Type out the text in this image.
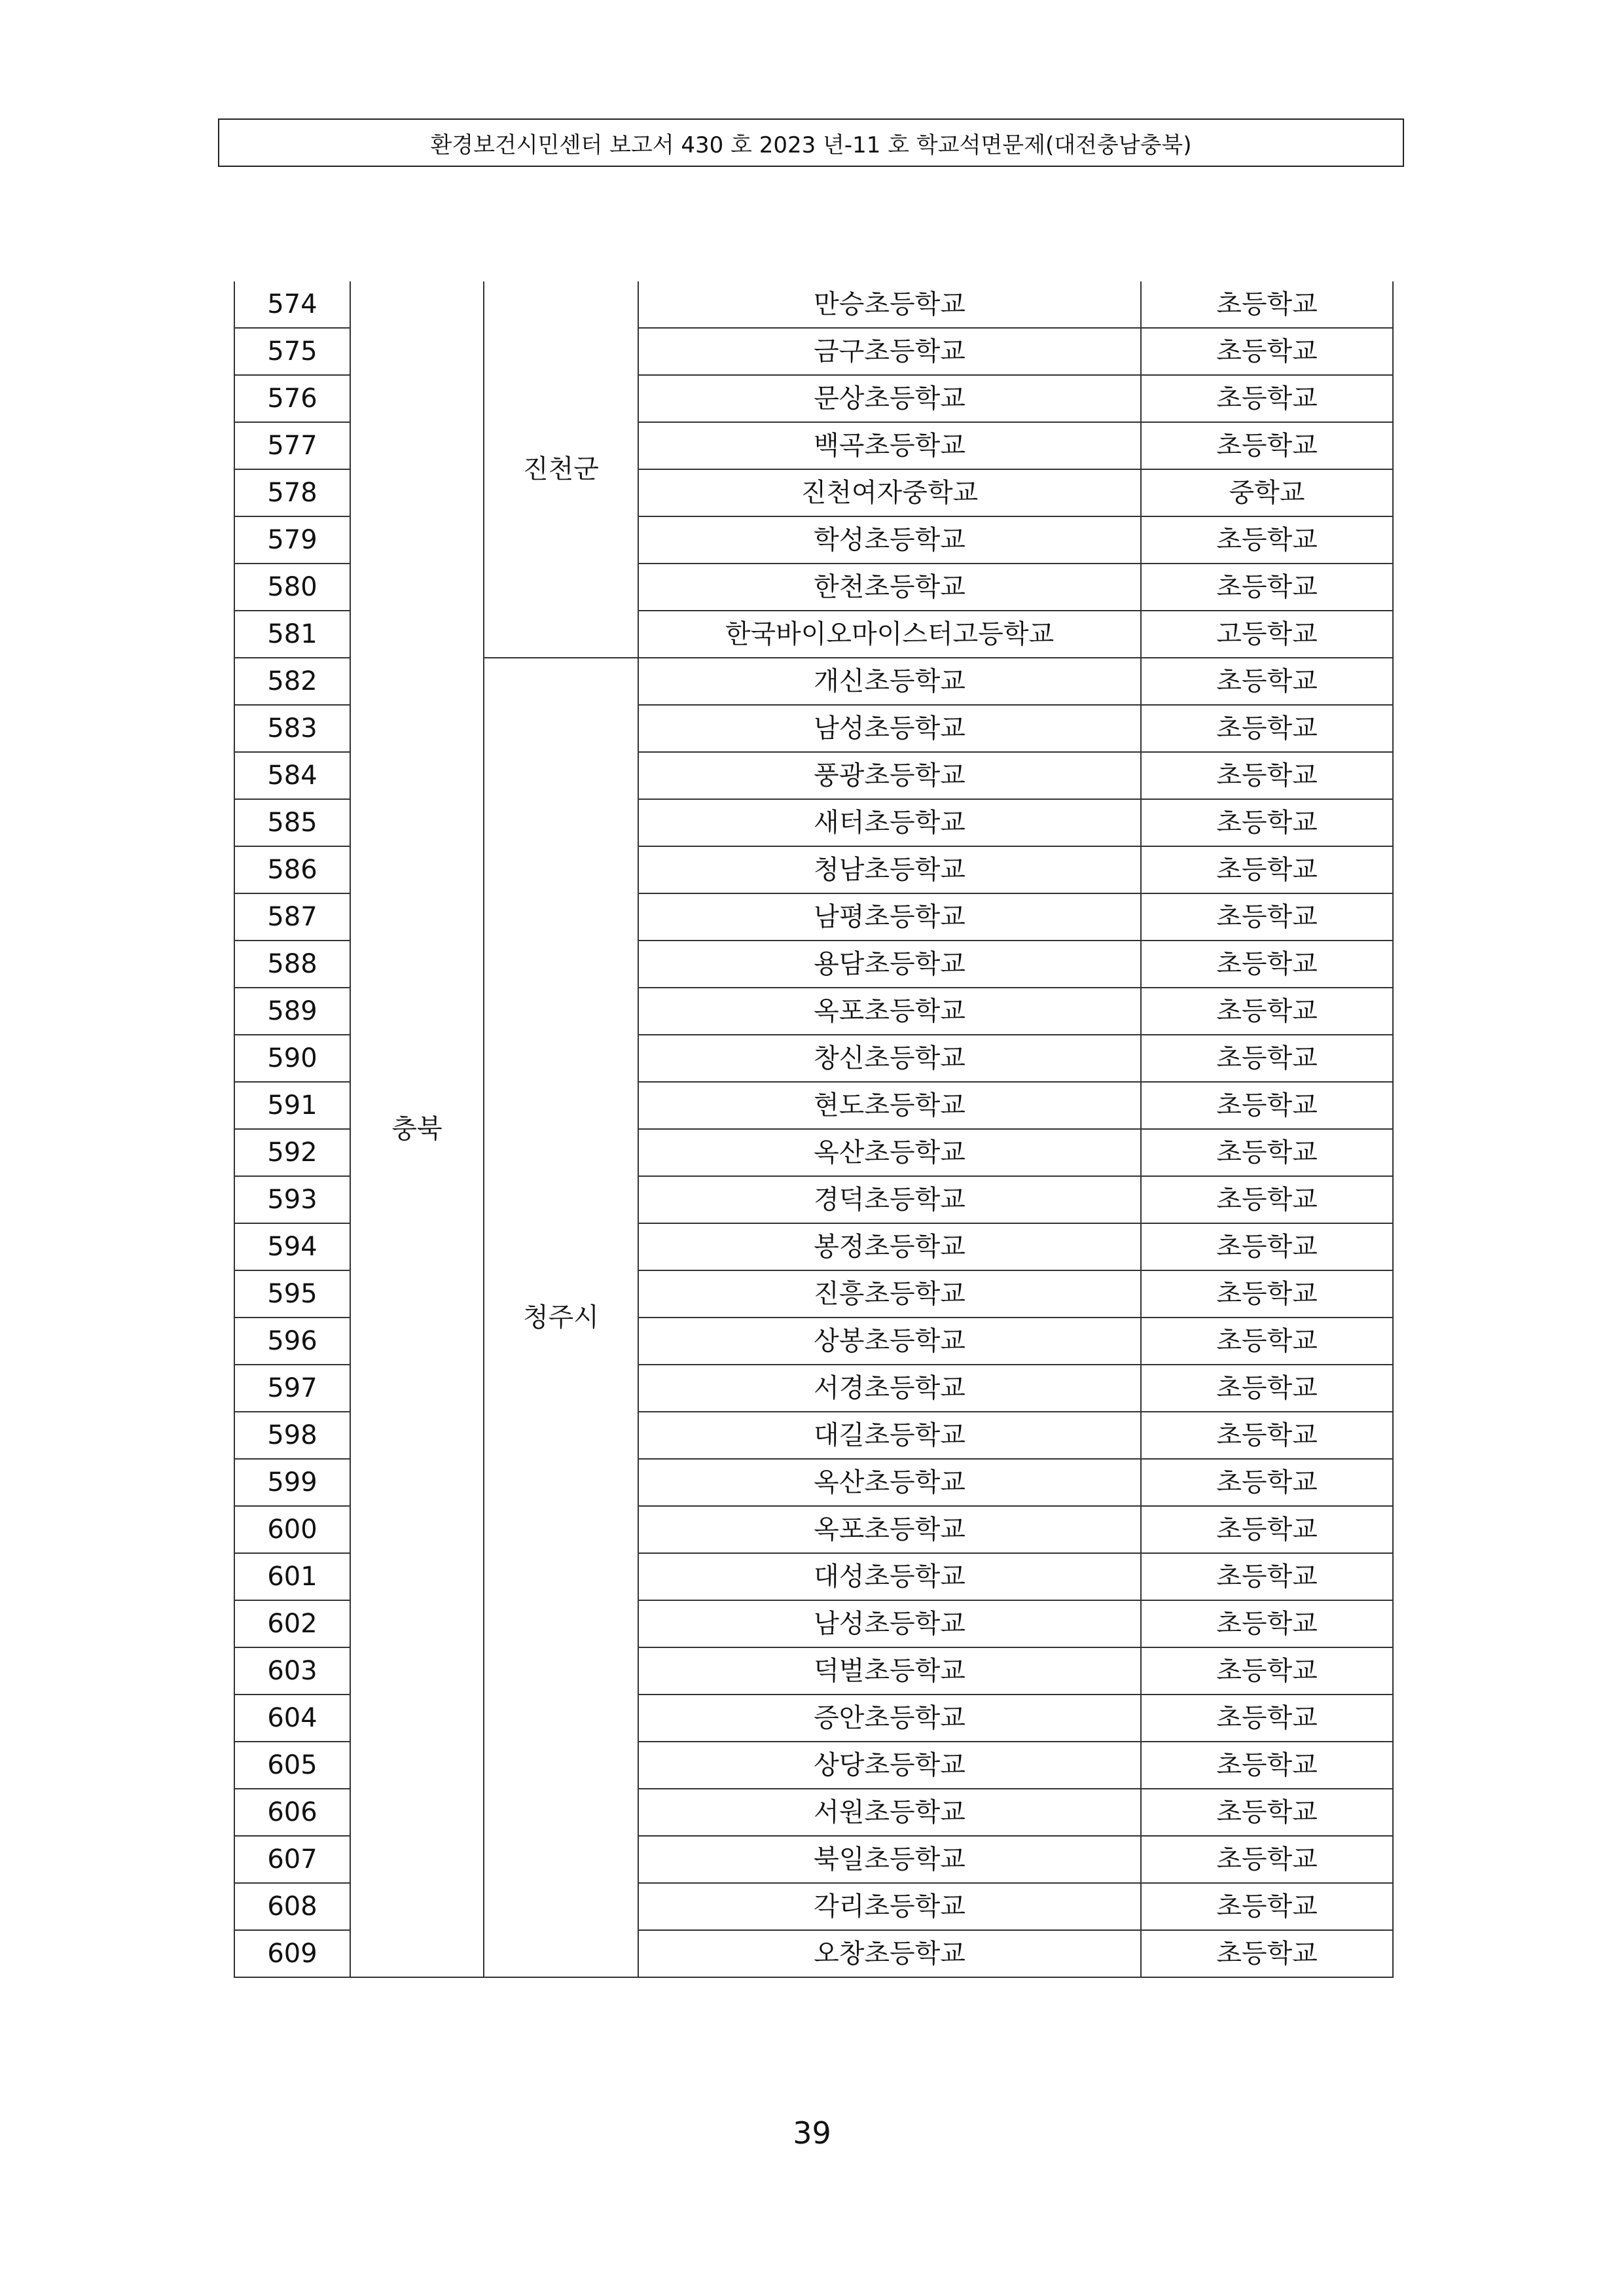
환경보건시민센터 보고서 430 호 2023 년-11 호 학교석면문제(대전충남충북)
574	충북	진천군	만승초등학교	초등학교
575			금구초등학교	초등학교
576			문상초등학교	초등학교
577			백곡초등학교	초등학교
578			진천여자중학교	중학교
579			학성초등학교	초등학교
580			한천초등학교	초등학교
581			한국바이오마이스터고등학교	고등학교
582		청주시	개신초등학교	초등학교
583			남성초등학교	초등학교
584			풍광초등학교	초등학교
585			새터초등학교	초등학교
586			청남초등학교	초등학교
587			남평초등학교	초등학교
588			용담초등학교	초등학교
589			옥포초등학교	초등학교
590			창신초등학교	초등학교
591			현도초등학교	초등학교
592			옥산초등학교	초등학교
593			경덕초등학교	초등학교
594			봉정초등학교	초등학교
595			진흥초등학교	초등학교
596			상봉초등학교	초등학교
597			서경초등학교	초등학교
598			대길초등학교	초등학교
599			옥산초등학교	초등학교
600			옥포초등학교	초등학교
601			대성초등학교	초등학교
602			남성초등학교	초등학교
603			덕벌초등학교	초등학교
604			증안초등학교	초등학교
605			상당초등학교	초등학교
606			서원초등학교	초등학교
607			북일초등학교	초등학교
608			각리초등학교	초등학교
609			오창초등학교	초등학교
39
